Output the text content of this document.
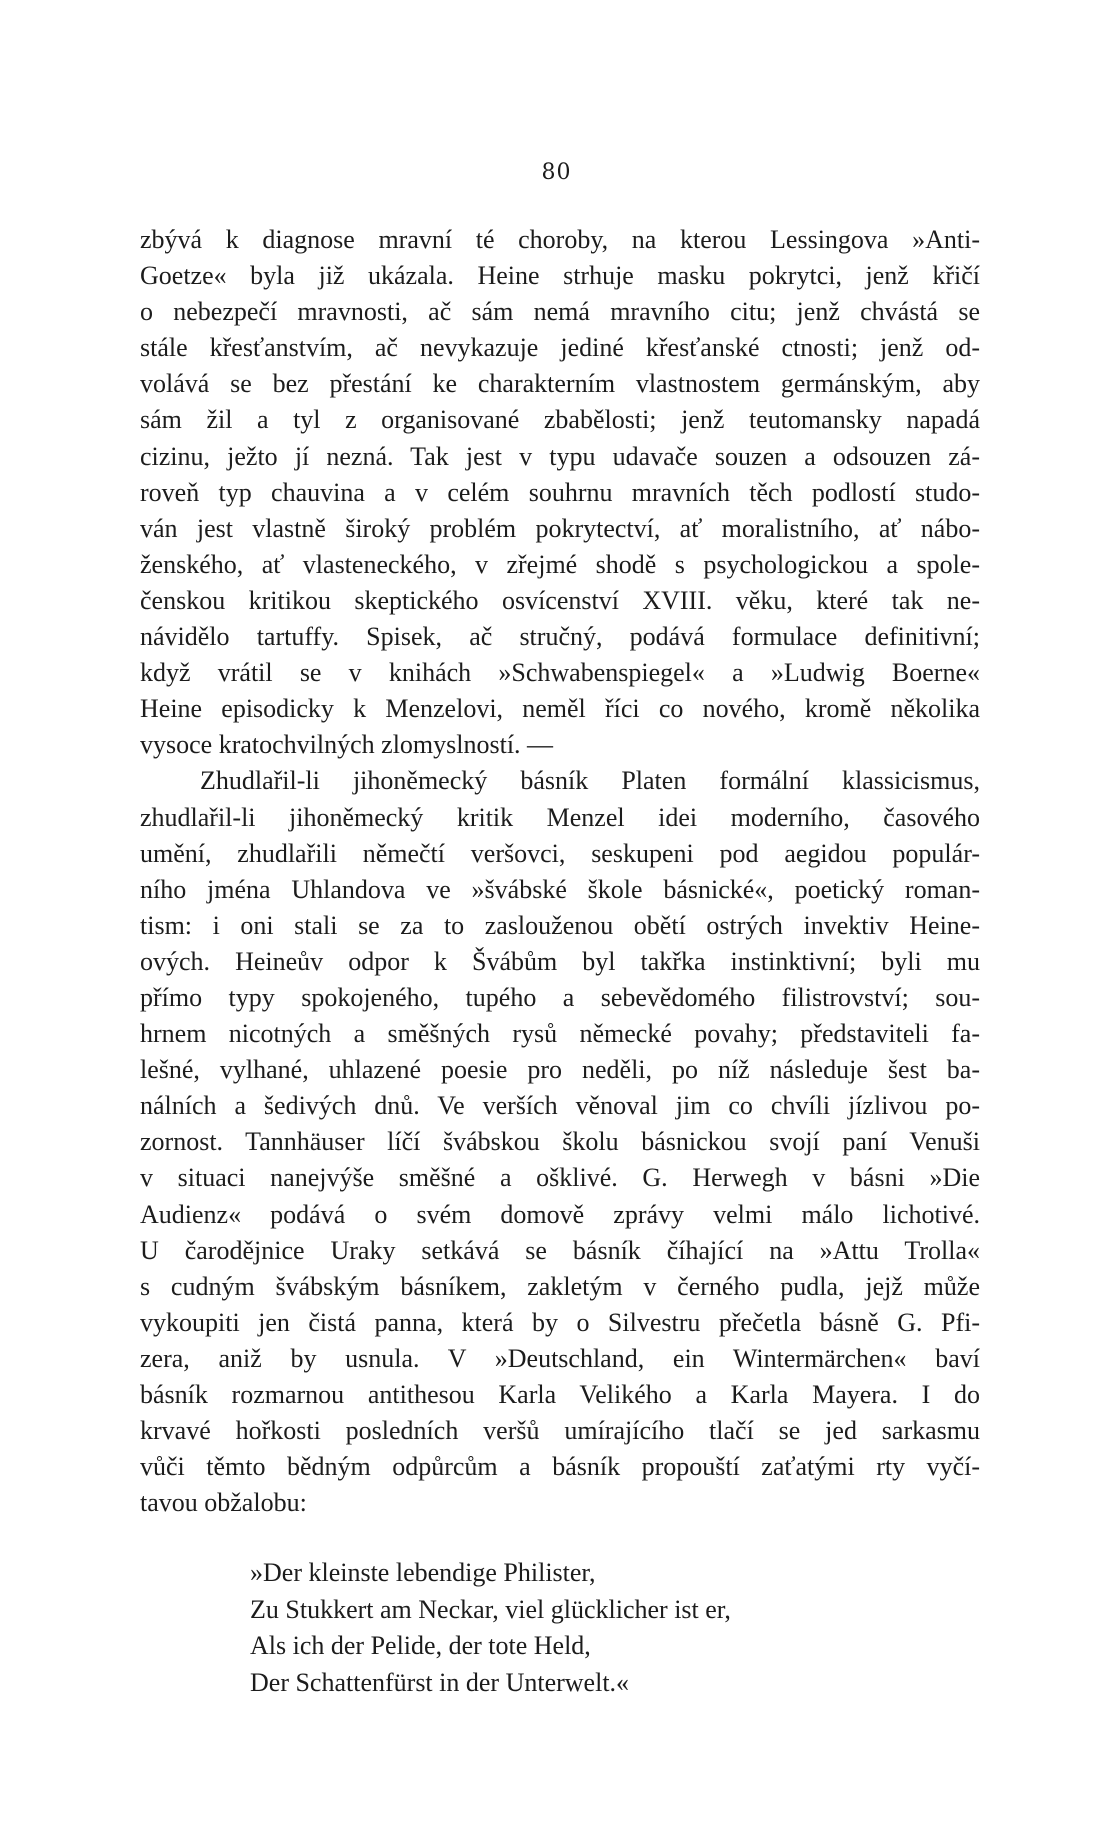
80
zbývá k diagnose mravní té choroby, na kterou Lessingova »Anti-
Goetze« byla již ukázala. Heine strhuje masku pokrytci, jenž křičí
o nebezpečí mravnosti, ač sám nemá mravního citu; jenž chvástá se
stále křesťanstvím, ač nevykazuje jediné křesťanské ctnosti; jenž od-
volává se bez přestání ke charakterním vlastnostem germánským, aby
sám žil a tyl z organisované zbabělosti; jenž teutomansky napadá
cizinu, ježto jí nezná. Tak jest v typu udavače souzen a odsouzen zá-
roveň typ chauvina a v celém souhrnu mravních těch podlostí studo-
ván jest vlastně široký problém pokrytectví, ať moralistního, ať nábo-
ženského, ať vlasteneckého, v zřejmé shodě s psychologickou a spole-
čenskou kritikou skeptického osvícenství XVIII. věku, které tak ne-
návidělo tartuffy. Spisek, ač stručný, podává formulace definitivní;
když vrátil se v knihách »Schwabenspiegel« a »Ludwig Boerne«
Heine episodicky k Menzelovi, neměl říci co nového, kromě několika
vysoce kratochvilných zlomyslností. —
Zhudlařil-li jihoněmecký básník Platen formální klassicismus,
zhudlařil-li jihoněmecký kritik Menzel idei moderního, časového
umění, zhudlařili němečtí veršovci, seskupeni pod aegidou populár-
ního jména Uhlandova ve »švábské škole básnické«, poetický roman-
tism: i oni stali se za to zaslouženou obětí ostrých invektiv Heine-
ových. Heineův odpor k Švábům byl takřka instinktivní; byli mu
přímo typy spokojeného, tupého a sebevědomého filistrovství; sou-
hrnem nicotných a směšných rysů německé povahy; představiteli fa-
lešné, vylhané, uhlazené poesie pro neděli, po níž následuje šest ba-
nálních a šedivých dnů. Ve verších věnoval jim co chvíli jízlivou po-
zornost. Tannhäuser líčí švábskou školu básnickou svojí paní Venuši
v situaci nanejvýše směšné a ošklivé. G. Herwegh v básni »Die
Audienz« podává o svém domově zprávy velmi málo lichotivé.
U čarodějnice Uraky setkává se básník číhající na »Attu Trolla«
s cudným švábským básníkem, zakletým v černého pudla, jejž může
vykoupiti jen čistá panna, která by o Silvestru přečetla básně G. Pfi-
zera, aniž by usnula. V »Deutschland, ein Wintermärchen« baví
básník rozmarnou antithesou Karla Velikého a Karla Mayera. I do
krvavé hořkosti posledních veršů umírajícího tlačí se jed sarkasmu
vůči těmto bědným odpůrcům a básník propouští zaťatými rty vyčí-
tavou obžalobu:
»Der kleinste lebendige Philister,
Zu Stukkert am Neckar, viel glücklicher ist er,
Als ich der Pelide, der tote Held,
Der Schattenfürst in der Unterwelt.«
